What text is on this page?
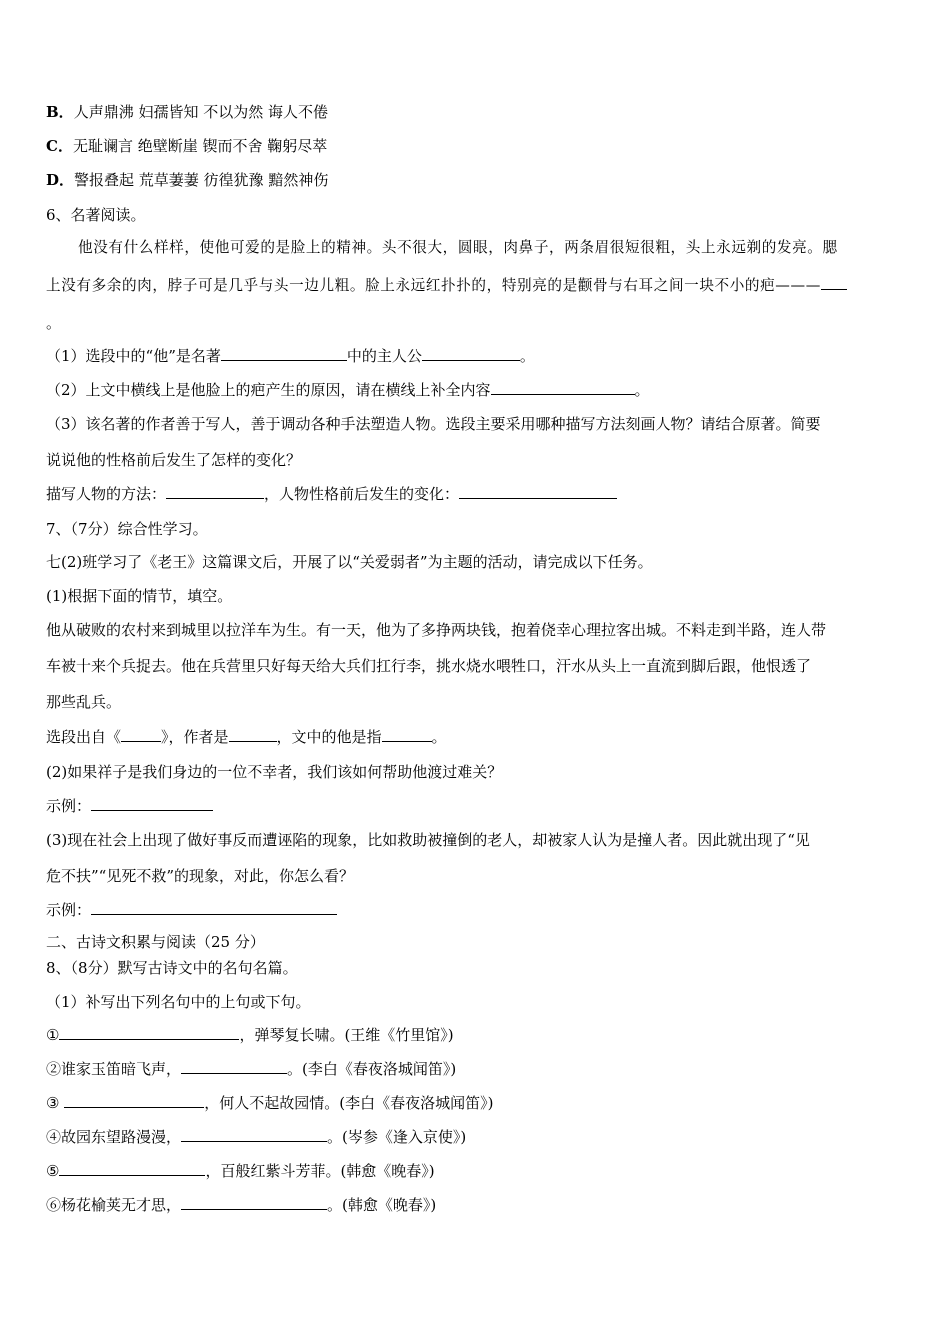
B．人声鼎沸 妇孺皆知 不以为然 诲人不倦
C．无耻谰言 绝壁断崖 锲而不舍 鞠躬尽萃
D．警报叠起 荒草萋萋 彷徨犹豫 黯然神伤
6、名著阅读。
他没有什么样样，使他可爱的是脸上的精神。头不很大，圆眼，肉鼻子，两条眉很短很粗，头上永远剃的发亮。腮
上没有多余的肉，脖子可是几乎与头一边儿粗。脸上永远红扑扑的，特别亮的是颧骨与右耳之间一块不小的疤———
。
（1）选段中的“他”是名著	中的主人公	。
（2）上文中横线上是他脸上的疤产生的原因，请在横线上补全内容	。
（3）该名著的作者善于写人，善于调动各种手法塑造人物。选段主要采用哪种描写方法刻画人物？请结合原著。简要
说说他的性格前后发生了怎样的变化？
描写人物的方法：	，人物性格前后发生的变化：
7、（7分）综合性学习。
七(2)班学习了《老王》这篇课文后，开展了以“关爱弱者”为主题的活动，请完成以下任务。
(1)根据下面的情节，填空。
他从破败的农村来到城里以拉洋车为生。有一天，他为了多挣两块钱，抱着侥幸心理拉客出城。不料走到半路，连人带
车被十来个兵捉去。他在兵营里只好每天给大兵们扛行李，挑水烧水喂牲口，汗水从头上一直流到脚后跟，他恨透了
那些乱兵。
选段出自《	》，作者是	，文中的他是指	。
(2)如果祥子是我们身边的一位不幸者，我们该如何帮助他渡过难关？
示例：
(3)现在社会上出现了做好事反而遭诬陷的现象，比如救助被撞倒的老人，却被家人认为是撞人者。因此就出现了“见
危不扶”“见死不救”的现象，对此，你怎么看？
示例：
二、古诗文积累与阅读（25 分）
8、（8分）默写古诗文中的名句名篇。
（1）补写出下列名句中的上句或下句。
①	，弹琴复长啸。(王维《竹里馆》)
②谁家玉笛暗飞声，	。(李白《春夜洛城闻笛》)
③	，何人不起故园情。(李白《春夜洛城闻笛》)
④故园东望路漫漫，	。(岑参《逢入京使》)
⑤	，百般红紫斗芳菲。(韩愈《晚春》)
⑥杨花榆荚无才思，	。(韩愈《晚春》)
